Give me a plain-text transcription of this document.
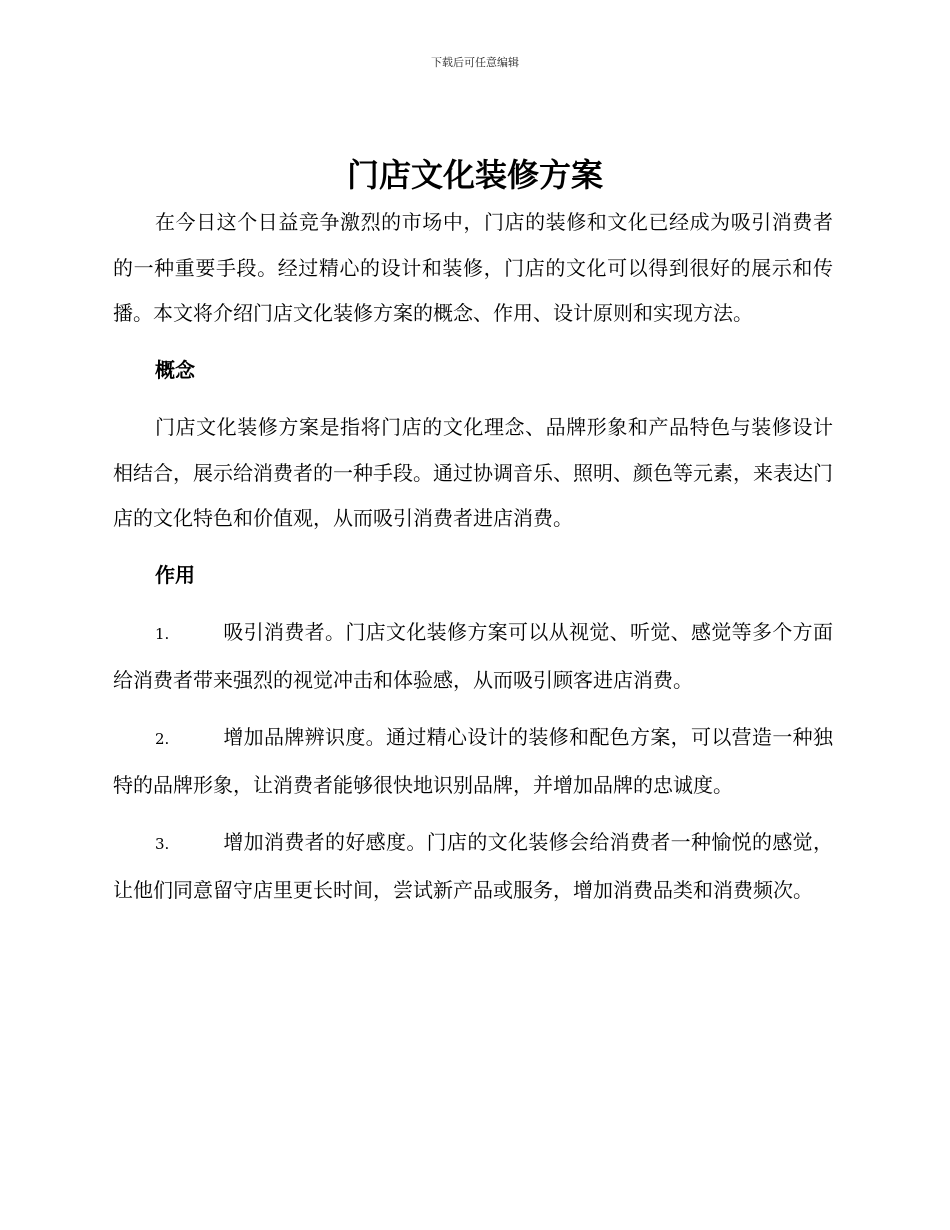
下载后可任意编辑
门店文化装修方案

在今日这个日益竞争激烈的市场中，门店的装修和文化已经成为吸引消费者的一种重要手段。经过精心的设计和装修，门店的文化可以得到很好的展示和传播。本文将介绍门店文化装修方案的概念、作用、设计原则和实现方法。

概念

门店文化装修方案是指将门店的文化理念、品牌形象和产品特色与装修设计相结合，展示给消费者的一种手段。通过协调音乐、照明、颜色等元素，来表达门店的文化特色和价值观，从而吸引消费者进店消费。

作用

1.	吸引消费者。门店文化装修方案可以从视觉、听觉、感觉等多个方面给消费者带来强烈的视觉冲击和体验感，从而吸引顾客进店消费。

2.	增加品牌辨识度。通过精心设计的装修和配色方案，可以营造一种独特的品牌形象，让消费者能够很快地识别品牌，并增加品牌的忠诚度。

3.	增加消费者的好感度。门店的文化装修会给消费者一种愉悦的感觉，让他们同意留守店里更长时间，尝试新产品或服务，增加消费品类和消费频次。
